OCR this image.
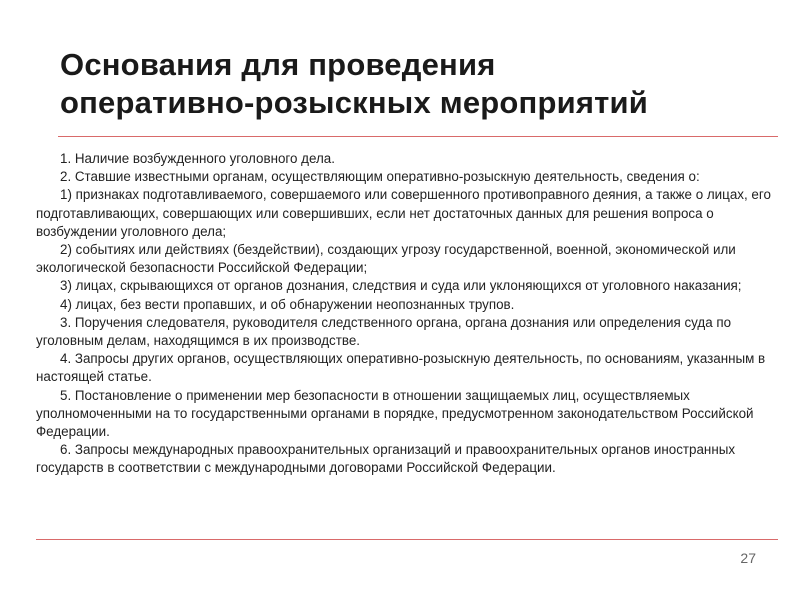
Основания для проведения
оперативно-розыскных мероприятий

1. Наличие возбужденного уголовного дела.

2. Ставшие известными органам, осуществляющим оперативно-розыскную деятельность, сведения о:

1) признаках подготавливаемого, совершаемого или совершенного противоправного деяния, а также о лицах, его подготавливающих, совершающих или совершивших, если нет достаточных данных для решения вопроса о возбуждении уголовного дела;

2) событиях или действиях (бездействии), создающих угрозу государственной, военной, экономической или экологической безопасности Российской Федерации;

3) лицах, скрывающихся от органов дознания, следствия и суда или уклоняющихся от уголовного наказания;

4) лицах, без вести пропавших, и об обнаружении неопознанных трупов.

3. Поручения следователя, руководителя следственного органа, органа дознания или определения суда по уголовным делам, находящимся в их производстве.

4. Запросы других органов, осуществляющих оперативно-розыскную деятельность, по основаниям, указанным в настоящей статье.

5. Постановление о применении мер безопасности в отношении защищаемых лиц, осуществляемых уполномоченными на то государственными органами в порядке, предусмотренном законодательством Российской Федерации.

6. Запросы международных правоохранительных организаций и правоохранительных органов иностранных государств в соответствии с международными договорами Российской Федерации.

27
